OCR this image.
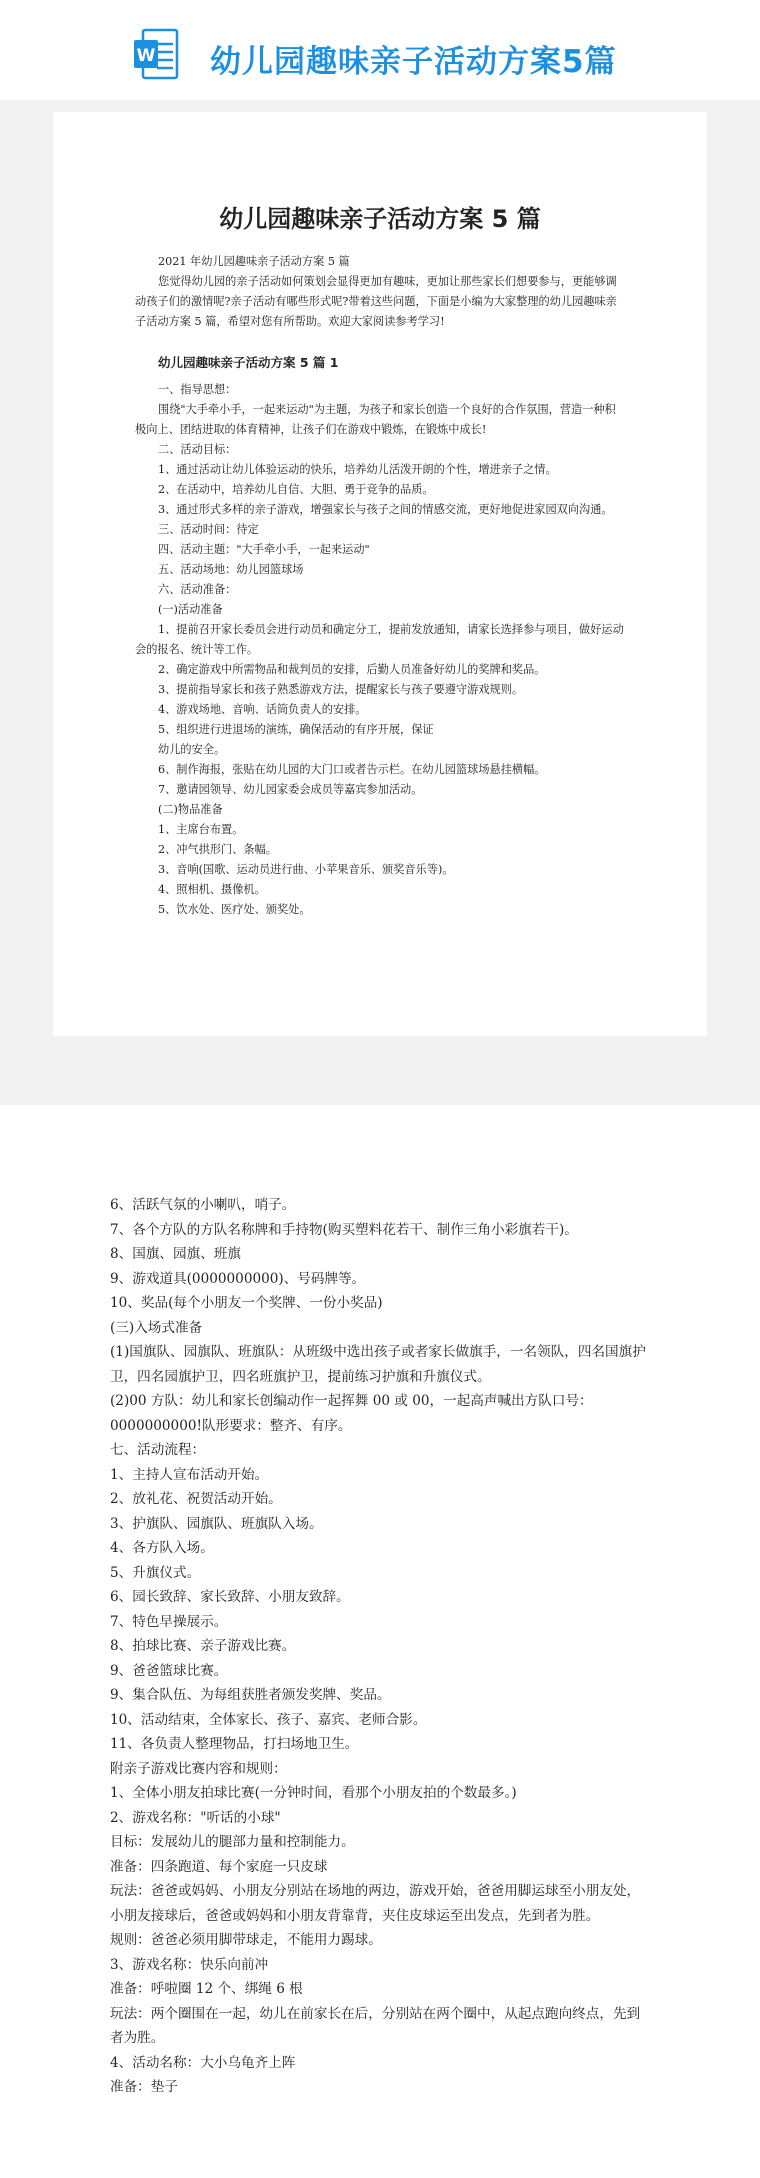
W 幼儿园趣味亲子活动方案5篇
幼儿园趣味亲子活动方案 5 篇

2021 年幼儿园趣味亲子活动方案 5 篇

您觉得幼儿园的亲子活动如何策划会显得更加有趣味，更加让那些家长们想要参与，更能够调动孩子们的激情呢?亲子活动有哪些形式呢?带着这些问题，下面是小编为大家整理的幼儿园趣味亲子活动方案 5 篇，希望对您有所帮助。欢迎大家阅读参考学习!

幼儿园趣味亲子活动方案 5 篇 1

一、指导思想：

围绕"大手牵小手，一起来运动"为主题，为孩子和家长创造一个良好的合作氛围，营造一种积极向上、团结进取的体育精神，让孩子们在游戏中锻炼，在锻炼中成长!

二、活动目标：

1、通过活动让幼儿体验运动的快乐，培养幼儿活泼开朗的个性，增进亲子之情。

2、在活动中，培养幼儿自信、大胆、勇于竞争的品质。

3、通过形式多样的亲子游戏，增强家长与孩子之间的情感交流，更好地促进家园双向沟通。

三、活动时间：待定

四、活动主题："大手牵小手，一起来运动"

五、活动场地：幼儿园篮球场

六、活动准备：

(一)活动准备

1、提前召开家长委员会进行动员和确定分工，提前发放通知，请家长选择参与项目，做好运动会的报名、统计等工作。

2、确定游戏中所需物品和裁判员的安排，后勤人员准备好幼儿的奖牌和奖品。

3、提前指导家长和孩子熟悉游戏方法，提醒家长与孩子要遵守游戏规则。

4、游戏场地、音响、话筒负责人的安排。

5、组织进行进退场的演练，确保活动的有序开展，保证

幼儿的安全。

6、制作海报，张贴在幼儿园的大门口或者告示栏。在幼儿园篮球场悬挂横幅。

7、邀请园领导、幼儿园家委会成员等嘉宾参加活动。

(二)物品准备

1、主席台布置。

2、冲气拱形门、条幅。

3、音响(国歌、运动员进行曲、小苹果音乐、颁奖音乐等)。

4、照相机、摄像机。

5、饮水处、医疗处、颁奖处。

6、活跃气氛的小喇叭，哨子。

7、各个方队的方队名称牌和手持物(购买塑料花若干、制作三角小彩旗若干)。

8、国旗、园旗、班旗

9、游戏道具(0000000000)、号码牌等。

10、奖品(每个小朋友一个奖牌、一份小奖品)

(三)入场式准备

(1)国旗队、园旗队、班旗队：从班级中选出孩子或者家长做旗手，一名领队，四名国旗护卫，四名园旗护卫，四名班旗护卫，提前练习护旗和升旗仪式。

(2)00 方队：幼儿和家长创编动作一起挥舞 00 或 00，一起高声喊出方队口号：0000000000!队形要求：整齐、有序。

七、活动流程：

1、主持人宣布活动开始。

2、放礼花、祝贺活动开始。

3、护旗队、园旗队、班旗队入场。

4、各方队入场。

5、升旗仪式。

6、园长致辞、家长致辞、小朋友致辞。

7、特色早操展示。

8、拍球比赛、亲子游戏比赛。

9、爸爸篮球比赛。

9、集合队伍、为每组获胜者颁发奖牌、奖品。

10、活动结束，全体家长、孩子、嘉宾、老师合影。

11、各负责人整理物品，打扫场地卫生。

附亲子游戏比赛内容和规则：

1、全体小朋友拍球比赛(一分钟时间，看那个小朋友拍的个数最多。)

2、游戏名称："听话的小球"

目标：发展幼儿的腿部力量和控制能力。

准备：四条跑道、每个家庭一只皮球

玩法：爸爸或妈妈、小朋友分别站在场地的两边，游戏开始，爸爸用脚运球至小朋友处，小朋友接球后，爸爸或妈妈和小朋友背靠背，夹住皮球运至出发点，先到者为胜。

规则：爸爸必须用脚带球走，不能用力踢球。

3、游戏名称：快乐向前冲

准备：呼啦圈 12 个、绑绳 6 根

玩法：两个圈围在一起，幼儿在前家长在后，分别站在两个圈中，从起点跑向终点，先到者为胜。

4、活动名称：大小乌龟齐上阵

准备：垫子
